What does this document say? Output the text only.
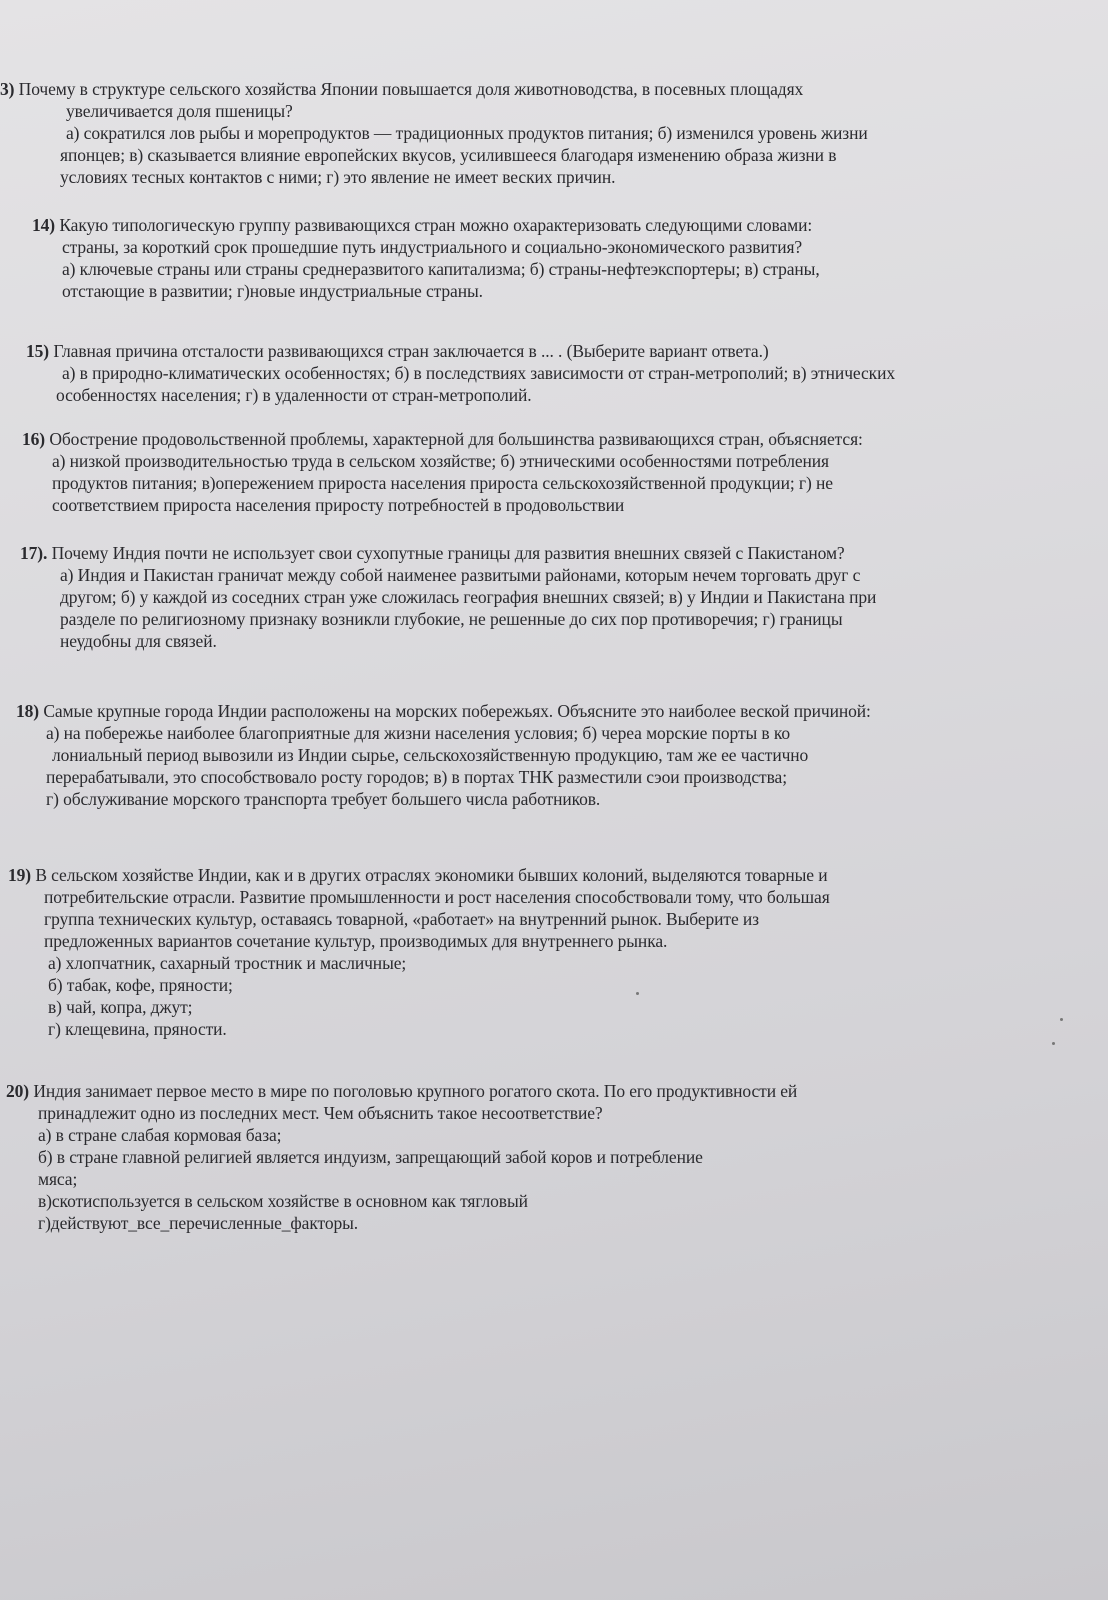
3) Почему в структуре сельского хозяйства Японии повышается доля животноводства, в посевных площадях
увеличивается доля пшеницы?
а) сократился лов рыбы и морепродуктов — традиционных продуктов питания; б) изменился уровень жизни
японцев; в) сказывается влияние европейских вкусов, усилившееся благодаря изменению образа жизни в
условиях тесных контактов с ними; г) это явление не имеет веских причин.
14) Какую типологическую группу развивающихся стран можно охарактеризовать следующими словами:
страны, за короткий срок прошедшие путь индустриального и социально-экономического развития?
а) ключевые страны или страны среднеразвитого капитализма; б) страны-нефтеэкспортеры; в) страны,
отстающие в развитии; г)новые индустриальные страны.
15) Главная причина отсталости развивающихся стран заключается в ... . (Выберите вариант ответа.)
а) в природно-климатических особенностях; б) в последствиях зависимости от стран-метрополий; в) этнических
особенностях населения; г) в удаленности от стран-метрополий.
16) Обострение продовольственной проблемы, характерной для большинства развивающихся стран, объясняется:
а) низкой производительностью труда в сельском хозяйстве; б) этническими особенностями потребления
продуктов питания; в)опережением прироста населения прироста сельскохозяйственной продукции; г) не
соответствием прироста населения приросту потребностей в продовольствии
17). Почему Индия почти не использует свои сухопутные границы для развития внешних связей с Пакистаном?
а) Индия и Пакистан граничат между собой наименее развитыми районами, которым нечем торговать друг с
другом; б) у каждой из соседних стран уже сложилась география внешних связей; в) у Индии и Пакистана при
разделе по религиозному признаку возникли глубокие, не решенные до сих пор противоречия; г) границы
неудобны для связей.
18) Самые крупные города Индии расположены на морских побережьях. Объясните это наиболее веской причиной:
а) на побережье наиболее благоприятные для жизни населения условия; б) череа морские порты в ко
лониальный период вывозили из Индии сырье, сельскохозяйственную продукцию, там же ее частично
перерабатывали, это способствовало росту городов; в) в портах ТНК разместили сэои производства;
г) обслуживание морского транспорта требует большего числа работников.
19) В сельском хозяйстве Индии, как и в других отраслях экономики бывших колоний, выделяются товарные и
потребительские отрасли. Развитие промышленности и рост населения способствовали тому, что большая
группа технических культур, оставаясь товарной, «работает» на внутренний рынок. Выберите из
предложенных вариантов сочетание культур, производимых для внутреннего рынка.
а) хлопчатник, сахарный тростник и масличные;
б) табак, кофе, пряности;
в) чай, копра, джут;
г) клещевина, пряности.
20) Индия занимает первое место в мире по поголовью крупного рогатого скота. По его продуктивности ей
принадлежит одно из последних мест. Чем объяснить такое несоответствие?
а) в стране слабая кормовая база;
б) в стране главной религией является индуизм, запрещающий забой коров и потребление
мяса;
в)скотиспользуется в сельском хозяйстве в основном как тягловый
г)действуют_все_перечисленные_факторы.
